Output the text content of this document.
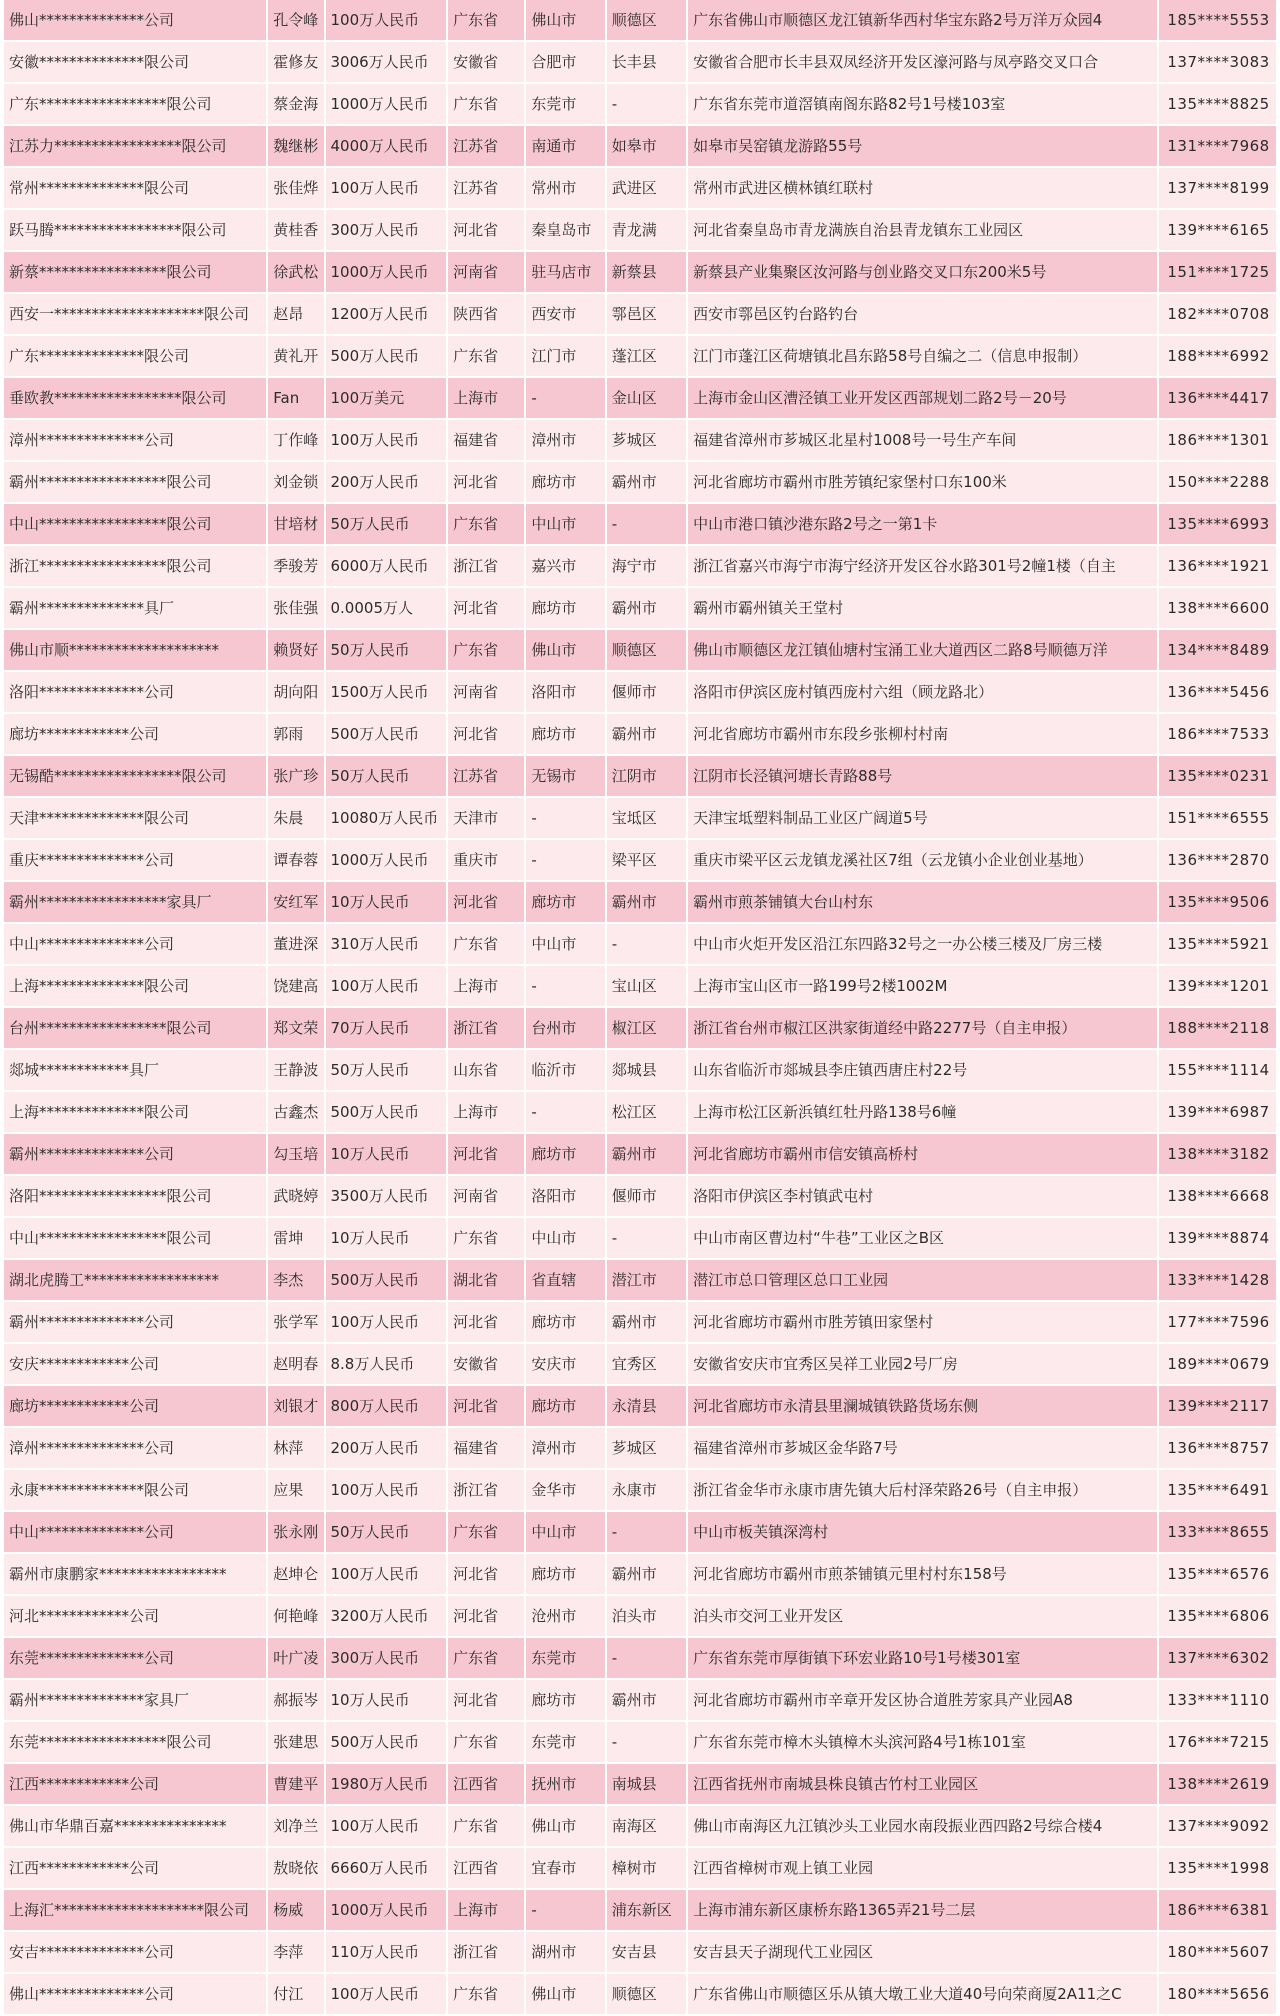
佛山**************公司	孔令峰	100万人民币	广东省	佛山市	顺德区	广东省佛山市顺德区龙江镇新华西村华宝东路2号万洋万众园4	185****5553
安徽**************限公司	霍修友	3006万人民币	安徽省	合肥市	长丰县	安徽省合肥市长丰县双凤经济开发区濠河路与凤亭路交叉口合	137****3083
广东*****************限公司	蔡金海	1000万人民币	广东省	东莞市	-	广东省东莞市道滘镇南阁东路82号1号楼103室	135****8825
江苏力*****************限公司	魏继彬	4000万人民币	江苏省	南通市	如皋市	如皋市吴窑镇龙游路55号	131****7968
常州**************限公司	张佳烨	100万人民币	江苏省	常州市	武进区	常州市武进区横林镇红联村	137****8199
跃马腾*****************限公司	黄桂香	300万人民币	河北省	秦皇岛市	青龙满	河北省秦皇岛市青龙满族自治县青龙镇东工业园区	139****6165
新蔡*****************限公司	徐武松	1000万人民币	河南省	驻马店市	新蔡县	新蔡县产业集聚区汝河路与创业路交叉口东200米5号	151****1725
西安一********************限公司	赵昂	1200万人民币	陕西省	西安市	鄠邑区	西安市鄠邑区钓台路钓台	182****0708
广东**************限公司	黄礼开	500万人民币	广东省	江门市	蓬江区	江门市蓬江区荷塘镇北昌东路58号自编之二（信息申报制）	188****6992
垂欧教*****************限公司	Fan	100万美元	上海市	-	金山区	上海市金山区漕泾镇工业开发区西部规划二路2号－20号	136****4417
漳州**************公司	丁作峰	100万人民币	福建省	漳州市	芗城区	福建省漳州市芗城区北星村1008号一号生产车间	186****1301
霸州*****************限公司	刘金锁	200万人民币	河北省	廊坊市	霸州市	河北省廊坊市霸州市胜芳镇纪家堡村口东100米	150****2288
中山*****************限公司	甘培材	50万人民币	广东省	中山市	-	中山市港口镇沙港东路2号之一第1卡	135****6993
浙江*****************限公司	季骏芳	6000万人民币	浙江省	嘉兴市	海宁市	浙江省嘉兴市海宁市海宁经济开发区谷水路301号2幢1楼（自主	136****1921
霸州**************具厂	张佳强	0.0005万人	河北省	廊坊市	霸州市	霸州市霸州镇关王堂村	138****6600
佛山市顺********************	赖贤好	50万人民币	广东省	佛山市	顺德区	佛山市顺德区龙江镇仙塘村宝涌工业大道西区二路8号顺德万洋	134****8489
洛阳**************公司	胡向阳	1500万人民币	河南省	洛阳市	偃师市	洛阳市伊滨区庞村镇西庞村六组（顾龙路北）	136****5456
廊坊************公司	郭雨	500万人民币	河北省	廊坊市	霸州市	河北省廊坊市霸州市东段乡张柳村村南	186****7533
无锡酷*****************限公司	张广珍	50万人民币	江苏省	无锡市	江阴市	江阴市长泾镇河塘长青路88号	135****0231
天津**************限公司	朱晨	10080万人民币	天津市	-	宝坻区	天津宝坻塑料制品工业区广阔道5号	151****6555
重庆**************公司	谭春蓉	1000万人民币	重庆市	-	梁平区	重庆市梁平区云龙镇龙溪社区7组（云龙镇小企业创业基地）	136****2870
霸州*****************家具厂	安红军	10万人民币	河北省	廊坊市	霸州市	霸州市煎茶铺镇大台山村东	135****9506
中山**************公司	董进深	310万人民币	广东省	中山市	-	中山市火炬开发区沿江东四路32号之一办公楼三楼及厂房三楼	135****5921
上海**************限公司	饶建高	100万人民币	上海市	-	宝山区	上海市宝山区市一路199号2楼1002M	139****1201
台州*****************限公司	郑文荣	70万人民币	浙江省	台州市	椒江区	浙江省台州市椒江区洪家街道经中路2277号（自主申报）	188****2118
郯城************具厂	王静波	50万人民币	山东省	临沂市	郯城县	山东省临沂市郯城县李庄镇西唐庄村22号	155****1114
上海**************限公司	古鑫杰	500万人民币	上海市	-	松江区	上海市松江区新浜镇红牡丹路138号6幢	139****6987
霸州**************公司	勾玉培	10万人民币	河北省	廊坊市	霸州市	河北省廊坊市霸州市信安镇高桥村	138****3182
洛阳*****************限公司	武晓婷	3500万人民币	河南省	洛阳市	偃师市	洛阳市伊滨区李村镇武屯村	138****6668
中山*****************限公司	雷坤	10万人民币	广东省	中山市	-	中山市南区曹边村“牛巷”工业区之B区	139****8874
湖北虎腾工******************	李杰	500万人民币	湖北省	省直辖	潜江市	潜江市总口管理区总口工业园	133****1428
霸州**************公司	张学军	100万人民币	河北省	廊坊市	霸州市	河北省廊坊市霸州市胜芳镇田家堡村	177****7596
安庆************公司	赵明春	8.8万人民币	安徽省	安庆市	宜秀区	安徽省安庆市宜秀区吴祥工业园2号厂房	189****0679
廊坊************公司	刘银才	800万人民币	河北省	廊坊市	永清县	河北省廊坊市永清县里澜城镇铁路货场东侧	139****2117
漳州**************公司	林萍	200万人民币	福建省	漳州市	芗城区	福建省漳州市芗城区金华路7号	136****8757
永康**************限公司	应果	100万人民币	浙江省	金华市	永康市	浙江省金华市永康市唐先镇大后村泽荣路26号（自主申报）	135****6491
中山**************公司	张永刚	50万人民币	广东省	中山市	-	中山市板芙镇深湾村	133****8655
霸州市康鹏家*****************	赵坤仑	100万人民币	河北省	廊坊市	霸州市	河北省廊坊市霸州市煎茶铺镇元里村村东158号	135****6576
河北************公司	何艳峰	3200万人民币	河北省	沧州市	泊头市	泊头市交河工业开发区	135****6806
东莞**************公司	叶广凌	300万人民币	广东省	东莞市	-	广东省东莞市厚街镇下环宏业路10号1号楼301室	137****6302
霸州**************家具厂	郝振岑	10万人民币	河北省	廊坊市	霸州市	河北省廊坊市霸州市辛章开发区协合道胜芳家具产业园A8	133****1110
东莞*****************限公司	张建思	500万人民币	广东省	东莞市	-	广东省东莞市樟木头镇樟木头滨河路4号1栋101室	176****7215
江西************公司	曹建平	1980万人民币	江西省	抚州市	南城县	江西省抚州市南城县株良镇古竹村工业园区	138****2619
佛山市华鼎百嘉***************	刘净兰	100万人民币	广东省	佛山市	南海区	佛山市南海区九江镇沙头工业园水南段振业西四路2号综合楼4	137****9092
江西************公司	敖晓依	6660万人民币	江西省	宜春市	樟树市	江西省樟树市观上镇工业园	135****1998
上海汇********************限公司	杨威	1000万人民币	上海市	-	浦东新区	上海市浦东新区康桥东路1365弄21号二层	186****6381
安吉**************公司	李萍	110万人民币	浙江省	湖州市	安吉县	安吉县天子湖现代工业园区	180****5607
佛山**************公司	付江	100万人民币	广东省	佛山市	顺德区	广东省佛山市顺德区乐从镇大墩工业大道40号向荣商厦2A11之C	180****5656
